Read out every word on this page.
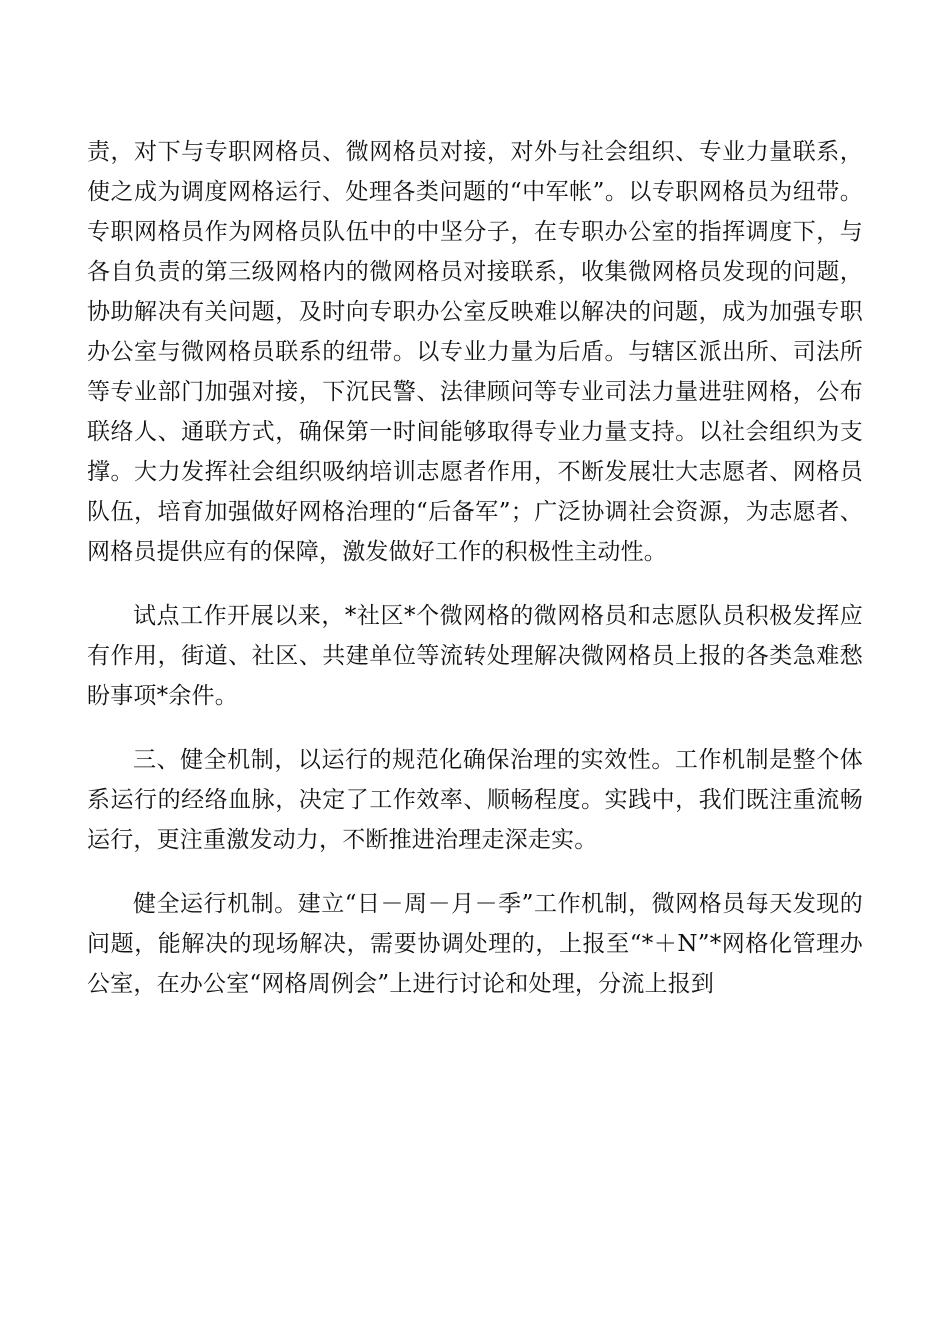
责，对下与专职网格员、微网格员对接，对外与社会组织、专业力量联系，使之成为调度网格运行、处理各类问题的“中军帐”。以专职网格员为纽带。专职网格员作为网格员队伍中的中坚分子，在专职办公室的指挥调度下，与各自负责的第三级网格内的微网格员对接联系，收集微网格员发现的问题，协助解决有关问题，及时向专职办公室反映难以解决的问题，成为加强专职办公室与微网格员联系的纽带。以专业力量为后盾。与辖区派出所、司法所等专业部门加强对接，下沉民警、法律顾问等专业司法力量进驻网格，公布联络人、通联方式，确保第一时间能够取得专业力量支持。以社会组织为支撑。大力发挥社会组织吸纳培训志愿者作用，不断发展壮大志愿者、网格员队伍，培育加强做好网格治理的“后备军”；广泛协调社会资源，为志愿者、网格员提供应有的保障，激发做好工作的积极性主动性。

试点工作开展以来，*社区*个微网格的微网格员和志愿队员积极发挥应有作用，街道、社区、共建单位等流转处理解决微网格员上报的各类急难愁盼事项*余件。

三、健全机制，以运行的规范化确保治理的实效性。工作机制是整个体系运行的经络血脉，决定了工作效率、顺畅程度。实践中，我们既注重流畅运行，更注重激发动力，不断推进治理走深走实。

健全运行机制。建立“日－周－月－季”工作机制，微网格员每天发现的问题，能解决的现场解决，需要协调处理的，上报至“*＋N”*网格化管理办公室，在办公室“网格周例会”上进行讨论和处理，分流上报到
